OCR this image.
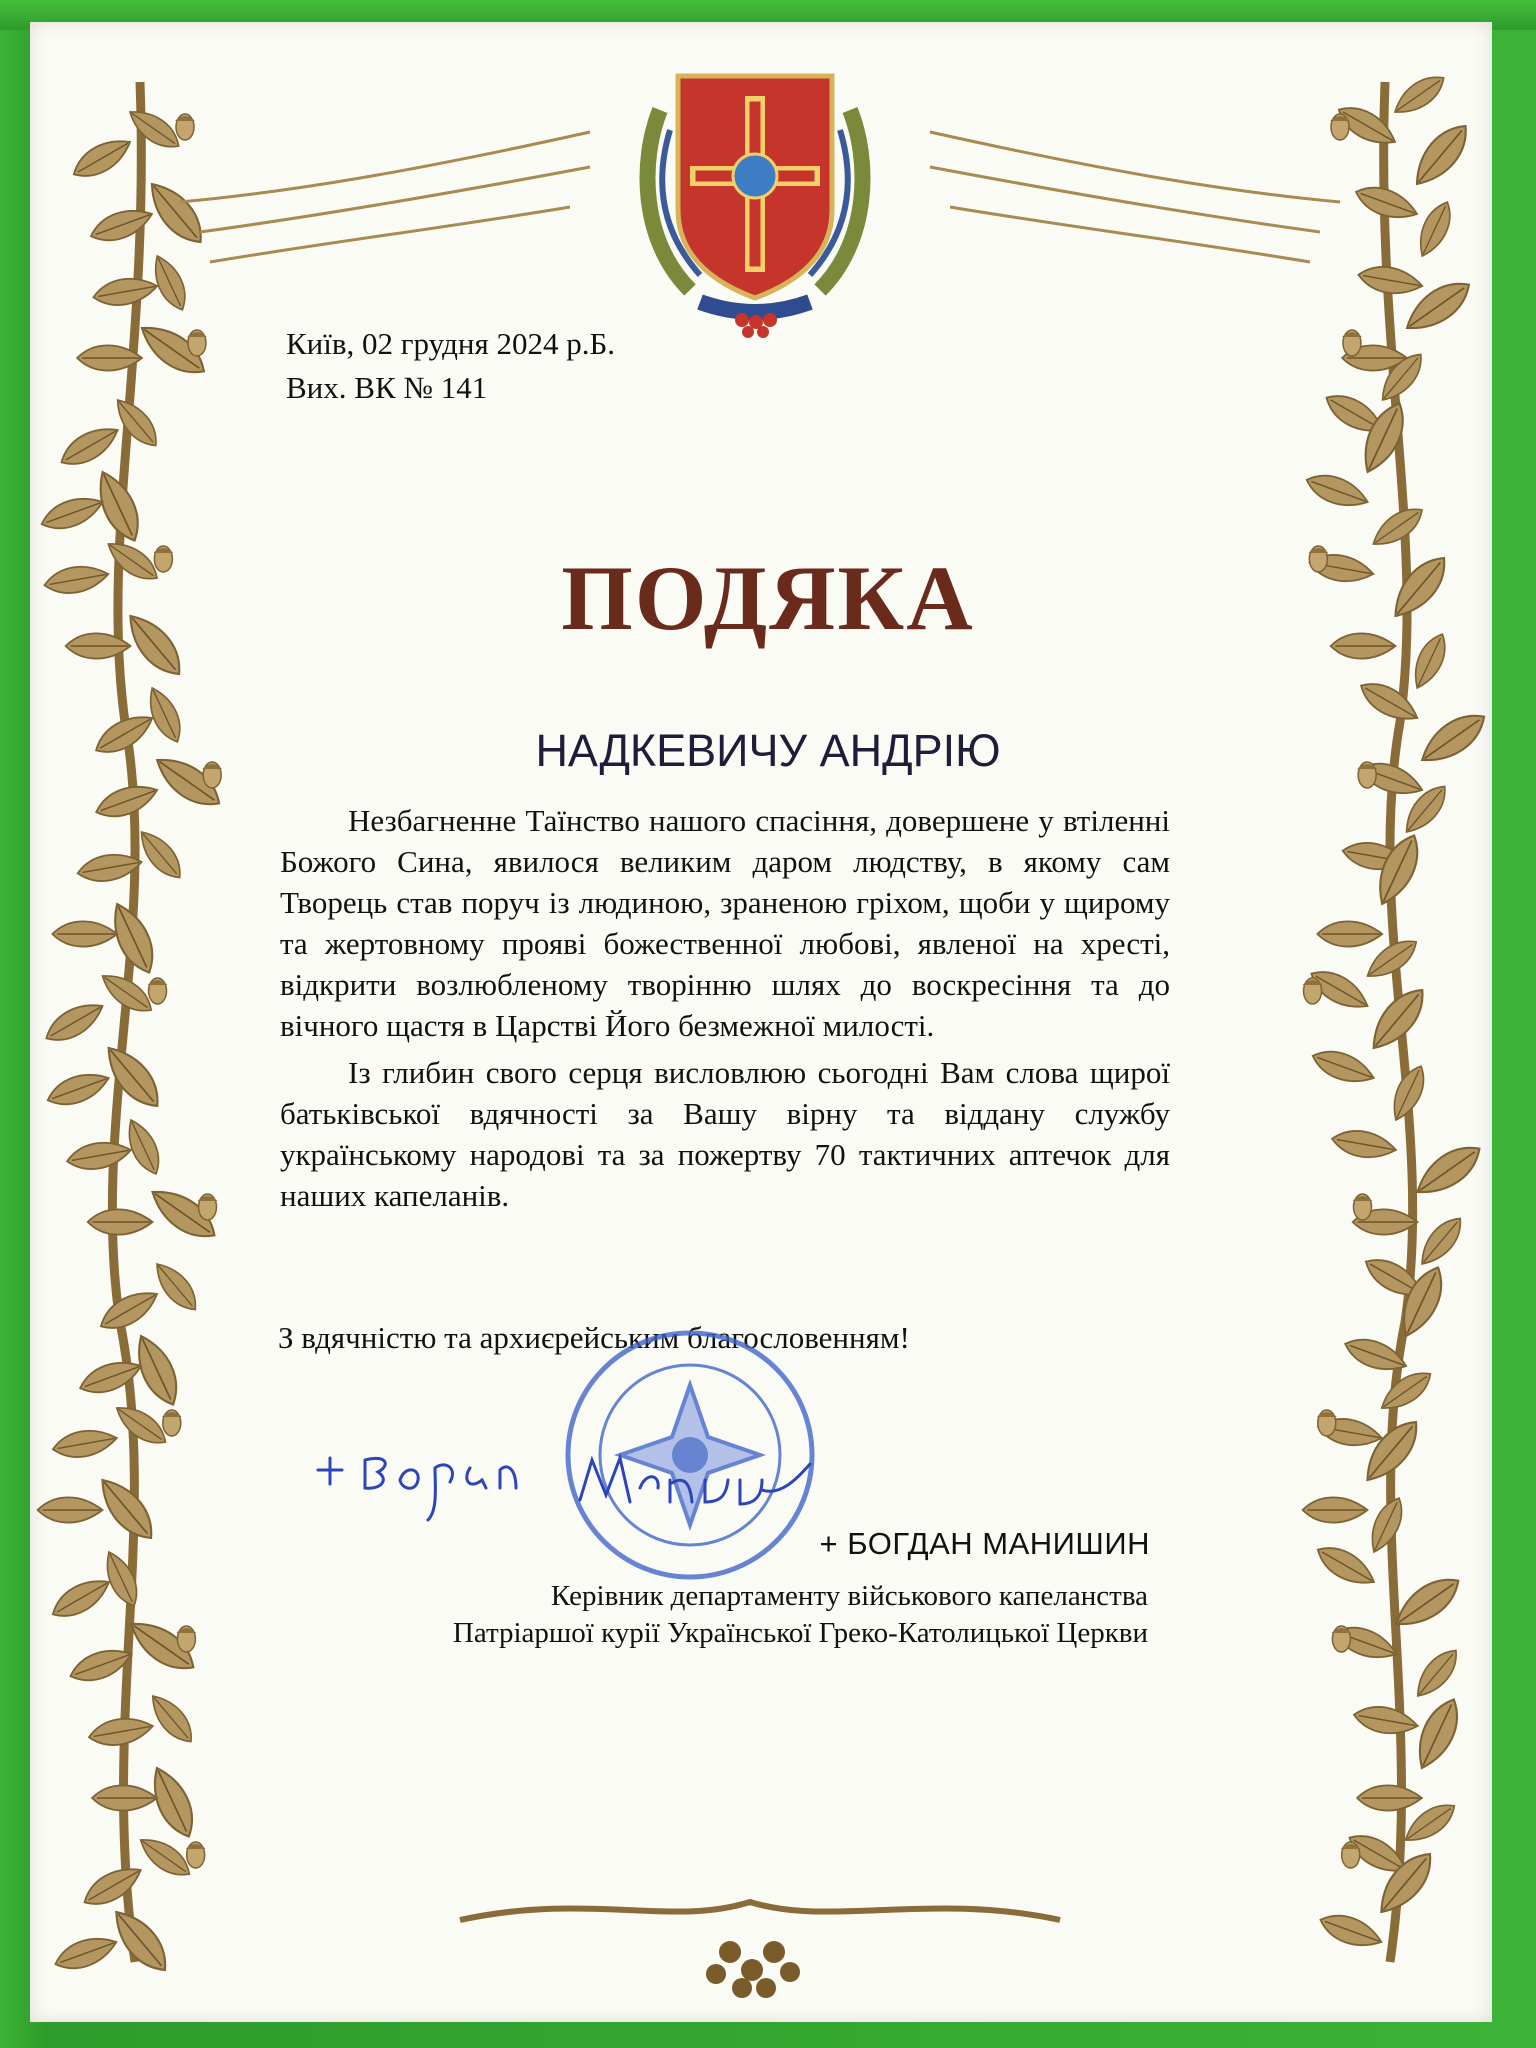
Київ, 02 грудня 2024 р.Б.
Вих. ВК № 141
ПОДЯКА
НАДКЕВИЧУ АНДРІЮ

Незбагненне Таїнство нашого спасіння, довершене у втіленні Божого Сина, явилося великим даром людству, в якому сам Творець став поруч із людиною, зраненою гріхом, щоби у щирому та жертовному прояві божественної любові, явленої на хресті, відкрити возлюбленому творінню шлях до воскресіння та до вічного щастя в Царстві Його безмежної милості.

Із глибин свого серця висловлюю сьогодні Вам слова щирої батьківської вдячності за Вашу вірну та віддану службу українському народові та за пожертву 70 тактичних аптечок для наших капеланів.

З вдячністю та архиєрейським благословенням!
+ БОГДАН МАНИШИН
Керівник департаменту військового капеланства
Патріаршої курії Української Греко-Католицької Церкви
